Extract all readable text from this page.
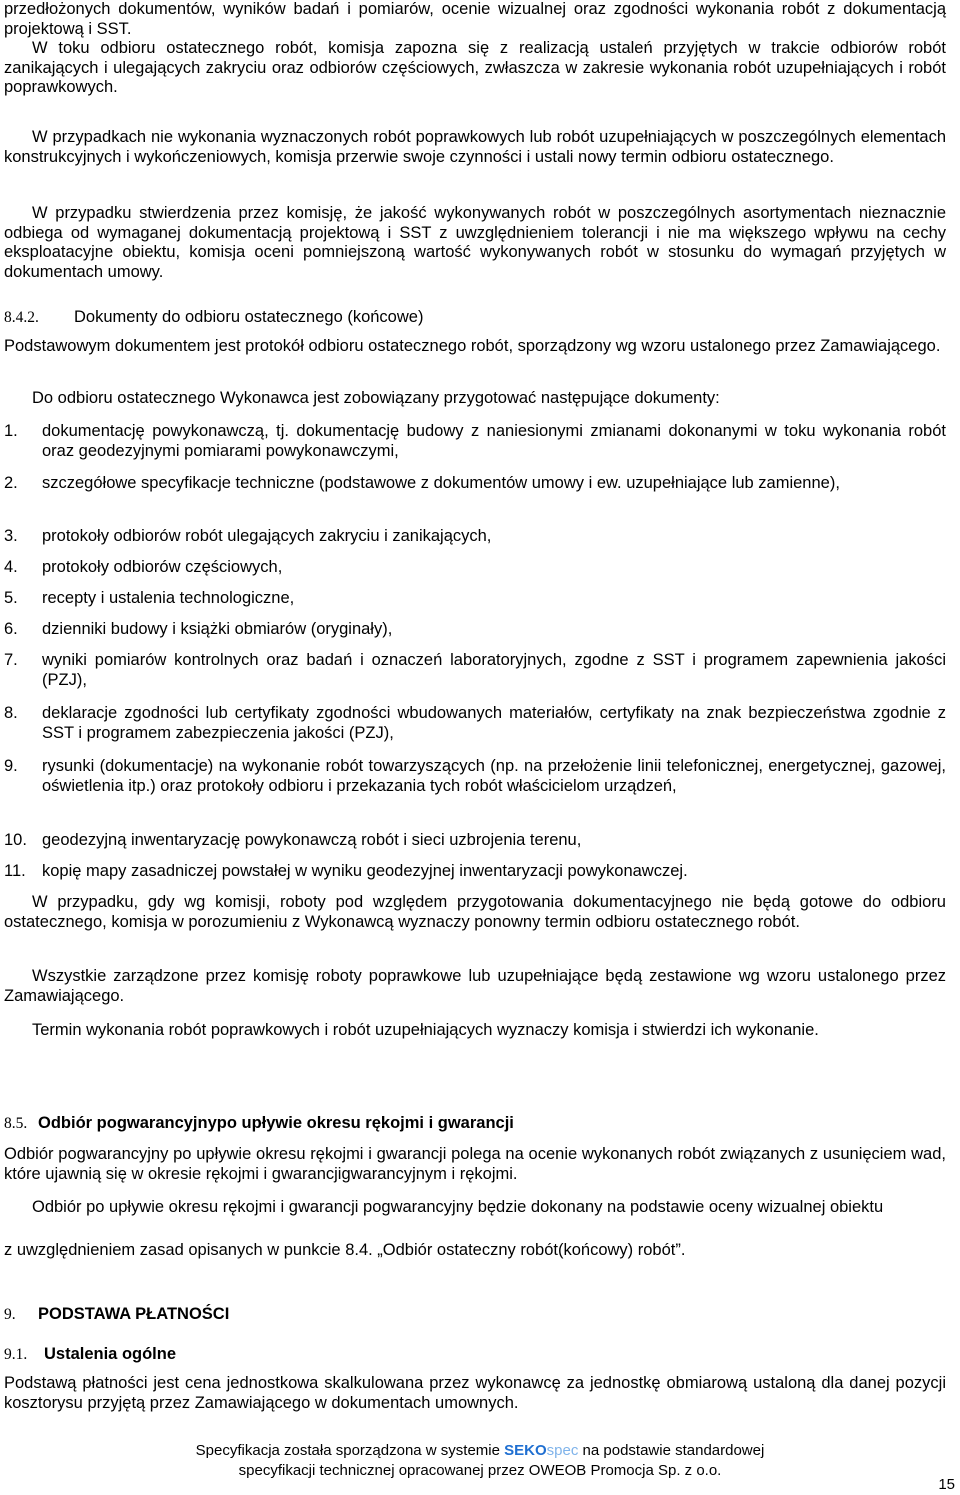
przedłożonych dokumentów, wyników badań i pomiarów, ocenie wizualnej oraz zgodności wykonania robót z dokumentacją projektową i SST.

W toku odbioru ostatecznego robót, komisja zapozna się z realizacją ustaleń przyjętych w trakcie odbiorów robót zanikających i ulegających zakryciu oraz odbiorów częściowych, zwłaszcza w zakresie wykonania robót uzupełniających i robót poprawkowych.

W przypadkach nie wykonania wyznaczonych robót poprawkowych lub robót uzupełniających w poszczególnych elementach konstrukcyjnych i wykończeniowych, komisja przerwie swoje czynności i ustali nowy termin odbioru ostatecznego.

W przypadku stwierdzenia przez komisję, że jakość wykonywanych robót w poszczególnych asortymentach nieznacznie odbiega od wymaganej dokumentacją projektową i SST z uwzględnieniem tolerancji i nie ma większego wpływu na cechy eksploatacyjne obiektu, komisja oceni pomniejszoną wartość wykonywanych robót w stosunku do wymagań przyjętych w dokumentach umowy.

8.4.2. Dokumenty do odbioru ostatecznego (końcowe)

Podstawowym dokumentem jest protokół odbioru ostatecznego robót, sporządzony wg wzoru ustalonego przez Zamawiającego.

Do odbioru ostatecznego Wykonawca jest zobowiązany przygotować następujące dokumenty:

1. dokumentację powykonawczą, tj. dokumentację budowy z naniesionymi zmianami dokonanymi w toku wykonania robót oraz geodezyjnymi pomiarami powykonawczymi,
2. szczegółowe specyfikacje techniczne (podstawowe z dokumentów umowy i ew. uzupełniające lub zamienne),
3. protokoły odbiorów robót ulegających zakryciu i zanikających,
4. protokoły odbiorów częściowych,
5. recepty i ustalenia technologiczne,
6. dzienniki budowy i książki obmiarów (oryginały),
7. wyniki pomiarów kontrolnych oraz badań i oznaczeń laboratoryjnych, zgodne z SST i programem zapewnienia jakości (PZJ),
8. deklaracje zgodności lub certyfikaty zgodności wbudowanych materiałów, certyfikaty na znak bezpieczeństwa zgodnie z SST i programem zabezpieczenia jakości (PZJ),
9. rysunki (dokumentacje) na wykonanie robót towarzyszących (np. na przełożenie linii telefonicznej, energetycznej, gazowej, oświetlenia itp.) oraz protokoły odbioru i przekazania tych robót właścicielom urządzeń,
10. geodezyjną inwentaryzację powykonawczą robót i sieci uzbrojenia terenu,
11. kopię mapy zasadniczej powstałej w wyniku geodezyjnej inwentaryzacji powykonawczej.

W przypadku, gdy wg komisji, roboty pod względem przygotowania dokumentacyjnego nie będą gotowe do odbioru ostatecznego, komisja w porozumieniu z Wykonawcą wyznaczy ponowny termin odbioru ostatecznego robót.

Wszystkie zarządzone przez komisję roboty poprawkowe lub uzupełniające będą zestawione wg wzoru ustalonego przez Zamawiającego.

Termin wykonania robót poprawkowych i robót uzupełniających wyznaczy komisja i stwierdzi ich wykonanie.

8.5. Odbiór pogwarancyjnypo upływie okresu rękojmi i gwarancji

Odbiór pogwarancyjny po upływie okresu rękojmi i gwarancji polega na ocenie wykonanych robót związanych z usunięciem wad, które ujawnią się w okresie rękojmi i gwarancjigwarancyjnym i rękojmi.

Odbiór po upływie okresu rękojmi i gwarancji pogwarancyjny będzie dokonany na podstawie oceny wizualnej obiektu

z uwzględnieniem zasad opisanych w punkcie 8.4. „Odbiór ostateczny robót(końcowy) robót”.

9. PODSTAWA PŁATNOŚCI
9.1. Ustalenia ogólne

Podstawą płatności jest cena jednostkowa skalkulowana przez wykonawcę za jednostkę obmiarową ustaloną dla danej pozycji kosztorysu przyjętą przez Zamawiającego w dokumentach umownych.

Specyfikacja została sporządzona w systemie SEKOspec na podstawie standardowej
specyfikacji technicznej opracowanej przez OWEOB Promocja Sp. z o.o.
15
